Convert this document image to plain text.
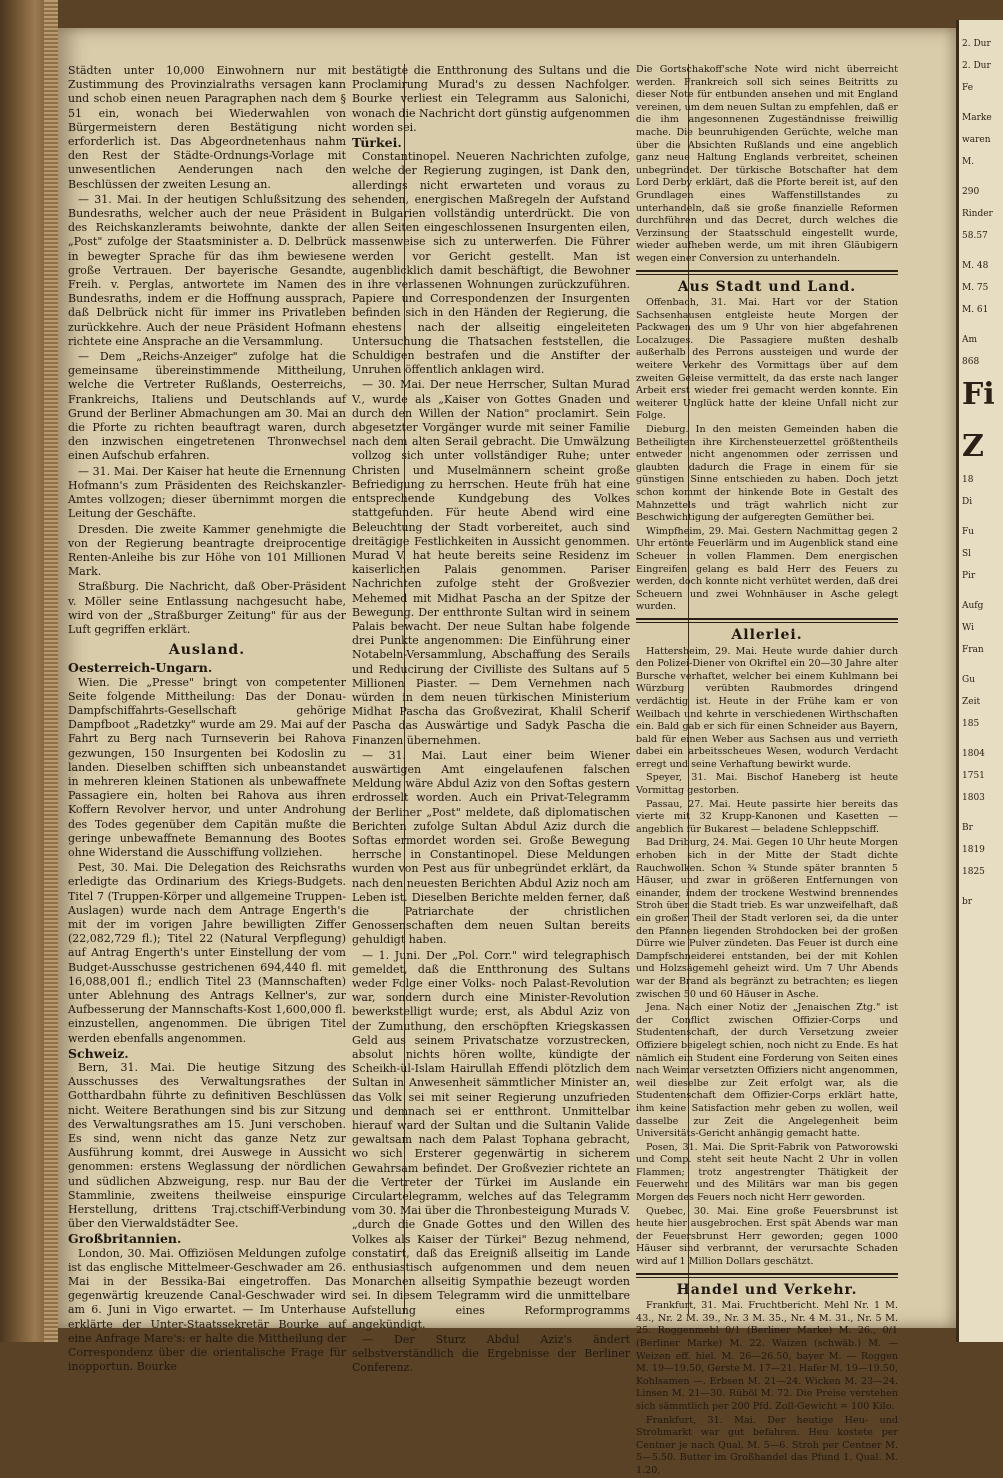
Städten unter 10,000 Einwohnern nur mit Zustimmung des Provinzialraths versagen kann und schob einen neuen Paragraphen nach dem § 51 ein, wonach bei Wiederwahlen von Bürgermeistern deren Bestätigung nicht erforderlich ist. Das Abgeordnetenhaus nahm den Rest der Städte-Ordnungs-Vorlage mit unwesentlichen Aenderungen nach den Beschlüssen der zweiten Lesung an.

— 31. Mai. In der heutigen Schlußsitzung des Bundesraths, welcher auch der neue Präsident des Reichskanzleramts beiwohnte, dankte der „Post" zufolge der Staatsminister a. D. Delbrück in bewegter Sprache für das ihm bewiesene große Vertrauen. Der bayerische Gesandte, Freih. v. Perglas, antwortete im Namen des Bundesraths, indem er die Hoffnung aussprach, daß Delbrück nicht für immer ins Privatleben zurückkehre. Auch der neue Präsident Hofmann richtete eine Ansprache an die Versammlung.

— Dem „Reichs-Anzeiger" zufolge hat die gemeinsame übereinstimmende Mittheilung, welche die Vertreter Rußlands, Oesterreichs, Frankreichs, Italiens und Deutschlands auf Grund der Berliner Abmachungen am 30. Mai an die Pforte zu richten beauftragt waren, durch den inzwischen eingetretenen Thronwechsel einen Aufschub erfahren.

— 31. Mai. Der Kaiser hat heute die Ernennung Hofmann's zum Präsidenten des Reichskanzler-Amtes vollzogen; dieser übernimmt morgen die Leitung der Geschäfte.

Dresden. Die zweite Kammer genehmigte die von der Regierung beantragte dreiprocentige Renten-Anleihe bis zur Höhe von 101 Millionen Mark.

Straßburg. Die Nachricht, daß Ober-Präsident v. Möller seine Entlassung nachgesucht habe, wird von der „Straßburger Zeitung" für aus der Luft gegriffen erklärt.

Ausland.
Oesterreich-Ungarn.

Wien. Die „Presse" bringt von competenter Seite folgende Mittheilung: Das der Donau-Dampfschiffahrts-Gesellschaft gehörige Dampfboot „Radetzky" wurde am 29. Mai auf der Fahrt zu Berg nach Turnseverin bei Rahova gezwungen, 150 Insurgenten bei Kodoslin zu landen. Dieselben schifften sich unbeanstandet in mehreren kleinen Stationen als unbewaffnete Passagiere ein, holten bei Rahova aus ihren Koffern Revolver hervor, und unter Androhung des Todes gegenüber dem Capitän mußte die geringe unbewaffnete Bemannung des Bootes ohne Widerstand die Ausschiffung vollziehen.

Pest, 30. Mai. Die Delegation des Reichsraths erledigte das Ordinarium des Kriegs-Budgets. Titel 7 (Truppen-Körper und allgemeine Truppen-Auslagen) wurde nach dem Antrage Engerth's mit der im vorigen Jahre bewilligten Ziffer (22,082,729 fl.); Titel 22 (Natural Verpflegung) auf Antrag Engerth's unter Einstellung der vom Budget-Ausschusse gestrichenen 694,440 fl. mit 16,088,001 fl.; endlich Titel 23 (Mannschaften) unter Ablehnung des Antrags Kellner's, zur Aufbesserung der Mannschafts-Kost 1,600,000 fl. einzustellen, angenommen. Die übrigen Titel werden ebenfalls angenommen.

Schweiz.

Bern, 31. Mai. Die heutige Sitzung des Ausschusses des Verwaltungsrathes der Gotthardbahn führte zu definitiven Beschlüssen nicht. Weitere Berathungen sind bis zur Sitzung des Verwaltungsrathes am 15. Juni verschoben. Es sind, wenn nicht das ganze Netz zur Ausführung kommt, drei Auswege in Aussicht genommen: erstens Weglassung der nördlichen und südlichen Abzweigung, resp. nur Bau der Stammlinie, zweitens theilweise einspurige Herstellung, drittens Traj.ctschiff-Verbindung über den Vierwaldstädter See.

Großbritannien.

London, 30. Mai. Offiziösen Meldungen zufolge ist das englische Mittelmeer-Geschwader am 26. Mai in der Bessika-Bai eingetroffen. Das gegenwärtig kreuzende Canal-Geschwader wird am 6. Juni in Vigo erwartet. — Im Unterhause erklärte der Unter-Staatssekretär Bourke auf eine Anfrage Mare's: er halte die Mittheilung der Correspondenz über die orientalische Frage für inopportun. Bourke

bestätigte die Entthronung des Sultans und die Proclamirung Murad's zu dessen Nachfolger. Bourke verliest ein Telegramm aus Salonichi, wonach die Nachricht dort günstig aufgenommen worden sei.

Türkei.

Constantinopel. Neueren Nachrichten zufolge, welche der Regierung zugingen, ist Dank den, allerdings nicht erwarteten und voraus zu sehenden, energischen Maßregeln der Aufstand in Bulgarien vollständig unterdrückt. Die von allen Seiten eingeschlossenen Insurgenten eilen, massenweise sich zu unterwerfen. Die Führer werden vor Gericht gestellt. Man ist augenblicklich damit beschäftigt, die Bewohner in ihre verlassenen Wohnungen zurückzuführen. Papiere und Correspondenzen der Insurgenten befinden sich in den Händen der Regierung, die ehestens nach der allseitig eingeleiteten Untersuchung die Thatsachen feststellen, die Schuldigen bestrafen und die Anstifter der Unruhen öffentlich anklagen wird.

— 30. Mai. Der neue Herrscher, Sultan Murad V., wurde als „Kaiser von Gottes Gnaden und durch den Willen der Nation" proclamirt. Sein abgesetzter Vorgänger wurde mit seiner Familie nach dem alten Serail gebracht. Die Umwälzung vollzog sich unter vollständiger Ruhe; unter Christen und Muselmännern scheint große Befriedigung zu herrschen. Heute früh hat eine entsprechende Kundgebung des Volkes stattgefunden. Für heute Abend wird eine Beleuchtung der Stadt vorbereitet, auch sind dreitägige Festlichkeiten in Aussicht genommen. Murad V. hat heute bereits seine Residenz im kaiserlichen Palais genommen. Pariser Nachrichten zufolge steht der Großvezier Mehemed mit Midhat Pascha an der Spitze der Bewegung. Der entthronte Sultan wird in seinem Palais bewacht. Der neue Sultan habe folgende drei Punkte angenommen: Die Einführung einer Notabeln-Versammlung, Abschaffung des Serails und Reducirung der Civilliste des Sultans auf 5 Millionen Piaster. — Dem Vernehmen nach würden in dem neuen türkischen Ministerium Midhat Pascha das Großvezirat, Khalil Scherif Pascha das Auswärtige und Sadyk Pascha die Finanzen übernehmen.

— 31. Mai. Laut einer beim Wiener auswärtigen Amt eingelaufenen falschen Meldung wäre Abdul Aziz von den Softas gestern erdrosselt worden. Auch ein Privat-Telegramm der Berliner „Post" meldete, daß diplomatischen Berichten zufolge Sultan Abdul Aziz durch die Softas ermordet worden sei. Große Bewegung herrsche in Constantinopel. Diese Meldungen wurden von Pest aus für unbegründet erklärt, da nach den neuesten Berichten Abdul Aziz noch am Leben ist. Dieselben Berichte melden ferner, daß die Patriarchate der christlichen Genossenschaften dem neuen Sultan bereits gehuldigt haben.

— 1. Juni. Der „Pol. Corr." wird telegraphisch gemeldet, daß die Entthronung des Sultans weder Folge einer Volks- noch Palast-Revolution war, sondern durch eine Minister-Revolution bewerkstelligt wurde; erst, als Abdul Aziz von der Zumuthung, den erschöpften Kriegskassen Geld aus seinem Privatschatze vorzustrecken, absolut nichts hören wollte, kündigte der Scheikh-ül-Islam Hairullah Effendi plötzlich dem Sultan in Anwesenheit sämmtlicher Minister an, das Volk sei mit seiner Regierung unzufrieden und demnach sei er entthront. Unmittelbar hierauf ward der Sultan und die Sultanin Valide gewaltsam nach dem Palast Tophana gebracht, wo sich Ersterer gegenwärtig in sicherem Gewahrsam befindet. Der Großvezier richtete an die Vertreter der Türkei im Auslande ein Circulartelegramm, welches auf das Telegramm vom 30. Mai über die Thronbesteigung Murads V. „durch die Gnade Gottes und den Willen des Volkes als Kaiser der Türkei" Bezug nehmend, constatirt, daß das Ereigniß allseitig im Lande enthusiastisch aufgenommen und dem neuen Monarchen allseitig Sympathie bezeugt worden sei. In diesem Telegramm wird die unmittelbare Aufstellung eines Reformprogramms angekündigt.

— Der Sturz Abdul Aziz's ändert selbstverständlich die Ergebnisse der Berliner Conferenz.

Die Gortschakoff'sche Note wird nicht überreicht werden. Frankreich soll sich seines Beitritts zu dieser Note für entbunden ansehen und mit England vereinen, um dem neuen Sultan zu empfehlen, daß er die ihm angesonnenen Zugeständnisse freiwillig mache. Die beunruhigenden Gerüchte, welche man über die Absichten Rußlands und eine angeblich ganz neue Haltung Englands verbreitet, scheinen unbegründet. Der türkische Botschafter hat dem Lord Derby erklärt, daß die Pforte bereit ist, auf den Grundlagen eines Waffenstillstandes zu unterhandeln, daß sie große finanzielle Reformen durchführen und das Decret, durch welches die Verzinsung der Staatsschuld eingestellt wurde, wieder aufheben werde, um mit ihren Gläubigern wegen einer Conversion zu unterhandeln.

Aus Stadt und Land.

Offenbach, 31. Mai. Hart vor der Station Sachsenhausen entgleiste heute Morgen der Packwagen des um 9 Uhr von hier abgefahrenen Localzuges. Die Passagiere mußten deshalb außerhalb des Perrons aussteigen und wurde der weitere Verkehr des Vormittags über auf dem zweiten Geleise vermittelt, da das erste nach langer Arbeit erst wieder frei gemacht werden konnte. Ein weiterer Unglück hatte der kleine Unfall nicht zur Folge.

Dieburg. In den meisten Gemeinden haben die Betheiligten ihre Kirchensteuerzettel größtentheils entweder nicht angenommen oder zerrissen und glaubten dadurch die Frage in einem für sie günstigen Sinne entschieden zu haben. Doch jetzt schon kommt der hinkende Bote in Gestalt des Mahnzettels und trägt wahrlich nicht zur Beschwichtigung der aufgeregten Gemüther bei.

Wimpfheim, 29. Mai. Gestern Nachmittag gegen 2 Uhr ertönte Feuerlärm und im Augenblick stand eine Scheuer in vollen Flammen. Dem energischen Eingreifen gelang es bald Herr des Feuers zu werden, doch konnte nicht verhütet werden, daß drei Scheuern und zwei Wohnhäuser in Asche gelegt wurden.

Allerlei.

Hattersheim, 29. Mai. Heute wurde dahier durch den Polizei-Diener von Okriftel ein 20—30 Jahre alter Bursche verhaftet, welcher bei einem Kuhlmann bei Würzburg verübten Raubmordes dringend verdächtig ist. Heute in der Frühe kam er von Weilbach und kehrte in verschiedenen Wirthschaften ein. Bald gab er sich für einen Schneider aus Bayern, bald für einen Weber aus Sachsen aus und verrieth dabei ein arbeitsscheues Wesen, wodurch Verdacht erregt und seine Verhaftung bewirkt wurde.

Speyer, 31. Mai. Bischof Haneberg ist heute Vormittag gestorben.

Passau, 27. Mai. Heute passirte hier bereits das vierte mit 32 Krupp-Kanonen und Kasetten — angeblich für Bukarest — beladene Schleppschiff.

Bad Driburg, 24. Mai. Gegen 10 Uhr heute Morgen erhoben sich in der Mitte der Stadt dichte Rauchwolken. Schon ¾ Stunde später brannten 5 Häuser, und zwar in größeren Entfernungen von einander, indem der trockene Westwind brennendes Stroh über die Stadt trieb. Es war unzweifelhaft, daß ein großer Theil der Stadt verloren sei, da die unter den Pfannen liegenden Strohdocken bei der großen Dürre wie Pulver zündeten. Das Feuer ist durch eine Dampfschneiderei entstanden, bei der mit Kohlen und Holzsägemehl geheizt wird. Um 7 Uhr Abends war der Brand als begränzt zu betrachten; es liegen zwischen 50 und 60 Häuser in Asche.

Jena. Nach einer Notiz der „Jenaischen Ztg." ist der Conflict zwischen Offizier-Corps und Studentenschaft, der durch Versetzung zweier Offiziere beigelegt schien, noch nicht zu Ende. Es hat nämlich ein Student eine Forderung von Seiten eines nach Weimar versetzten Offiziers nicht angenommen, weil dieselbe zur Zeit erfolgt war, als die Studentenschaft dem Offizier-Corps erklärt hatte, ihm keine Satisfaction mehr geben zu wollen, weil dasselbe zur Zeit die Angelegenheit beim Universitäts-Gericht anhängig gemacht hatte.

Posen, 31. Mai. Die Sprit-Fabrik von Patworowski und Comp. steht seit heute Nacht 2 Uhr in vollen Flammen; trotz angestrengter Thätigkeit der Feuerwehr und des Militärs war man bis gegen Morgen des Feuers noch nicht Herr geworden.

Quebec, 30. Mai. Eine große Feuersbrunst ist heute hier ausgebrochen. Erst spät Abends war man der Feuersbrunst Herr geworden; gegen 1000 Häuser sind verbrannt, der verursachte Schaden wird auf 1 Million Dollars geschätzt.

Handel und Verkehr.

Frankfurt, 31. Mai. Fruchtbericht. Mehl Nr. 1 M. 43., Nr. 2 M. 39., Nr. 3 M. 35., Nr. 4 M. 31., Nr. 5 M. 25. Roggenmehl 0/1 (Berliner Marke) M. 26., 0/1 (Berliner Marke) M. 22. Waizen (schwäb.) M. — Weizen eff. hiel. M. 26—26.50, bayer M. — Roggen M. 19—19.50, Gerste M. 17—21. Hafer M. 19—19.50, Kohlsamen —. Erbsen M. 21—24. Wicken M. 23—24. Linsen M. 21—30. Rüböl M. 72. Die Preise verstehen sich sämmtlich per 200 Pfd. Zoll-Gewicht = 100 Kilo.

Frankfurt, 31. Mai. Der heutige Heu- und Strohmarkt war gut befahren. Heu kostete per Centner je nach Qual. M. 5—6. Stroh per Centner M. 5—5.50. Butter im Großhandel das Pfund 1. Qual. M. 1.20,

2. Dur
2. Dur
Fe
Marke
waren
M.
290
Rinder
58.57
M. 48
M. 75
M. 61
Am
868
Fi
Z
18
Di
Fu
Sl
Pir
Aufg
Wi
Fran
Gu
Zeit
185
1804
1751
1803
Br
1819
1825
br
